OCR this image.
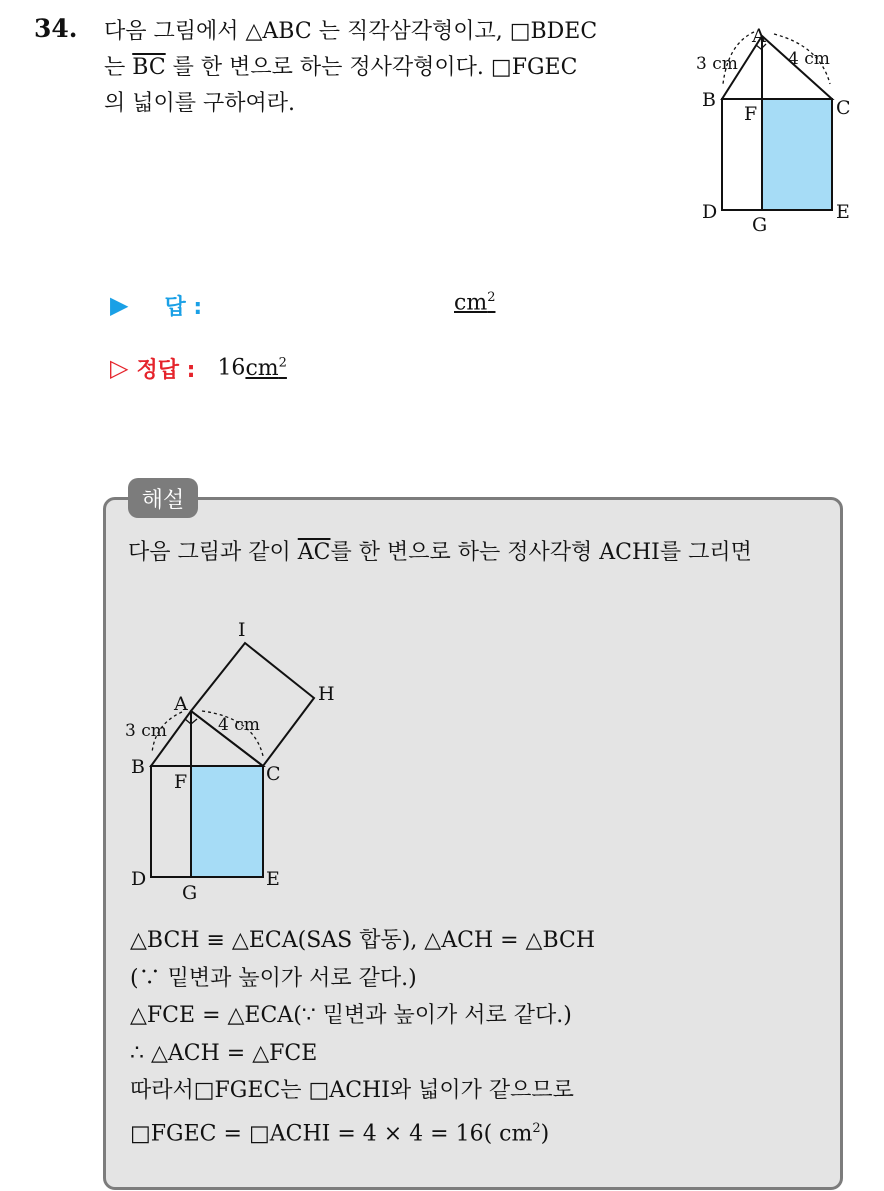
34. 다음 그림에서 △ABC 는 직각삼각형이고, □BDEC
는 $\overline{BC}$ 를 한 변으로 하는 정사각형이다. □FGEC
의 넓이를 구하여라.
A
B	C
F
D
G
E
3 cm	4 cm
▶ 답 :	$cm^2$
▷ 정답 : $16cm^2$
해설
다음 그림과 같이 $\overline{AC}$를 한 변으로 하는 정사각형 ACHI를 그리면
I
H
A
B	C
F
D
G
E
3 cm	4 cm
△BCH ≡ △ECA(SAS 합동), △ACH = △BCH
(∵ 밑변과 높이가 서로 같다.)
△FCE = △ECA(∵ 밑변과 높이가 서로 같다.)
∴ △ACH = △FCE
따라서□FGEC는 □ACHI와 넓이가 같으므로
□FGEC = □ACHI = 4 × 4 = 16( $cm^2$)
